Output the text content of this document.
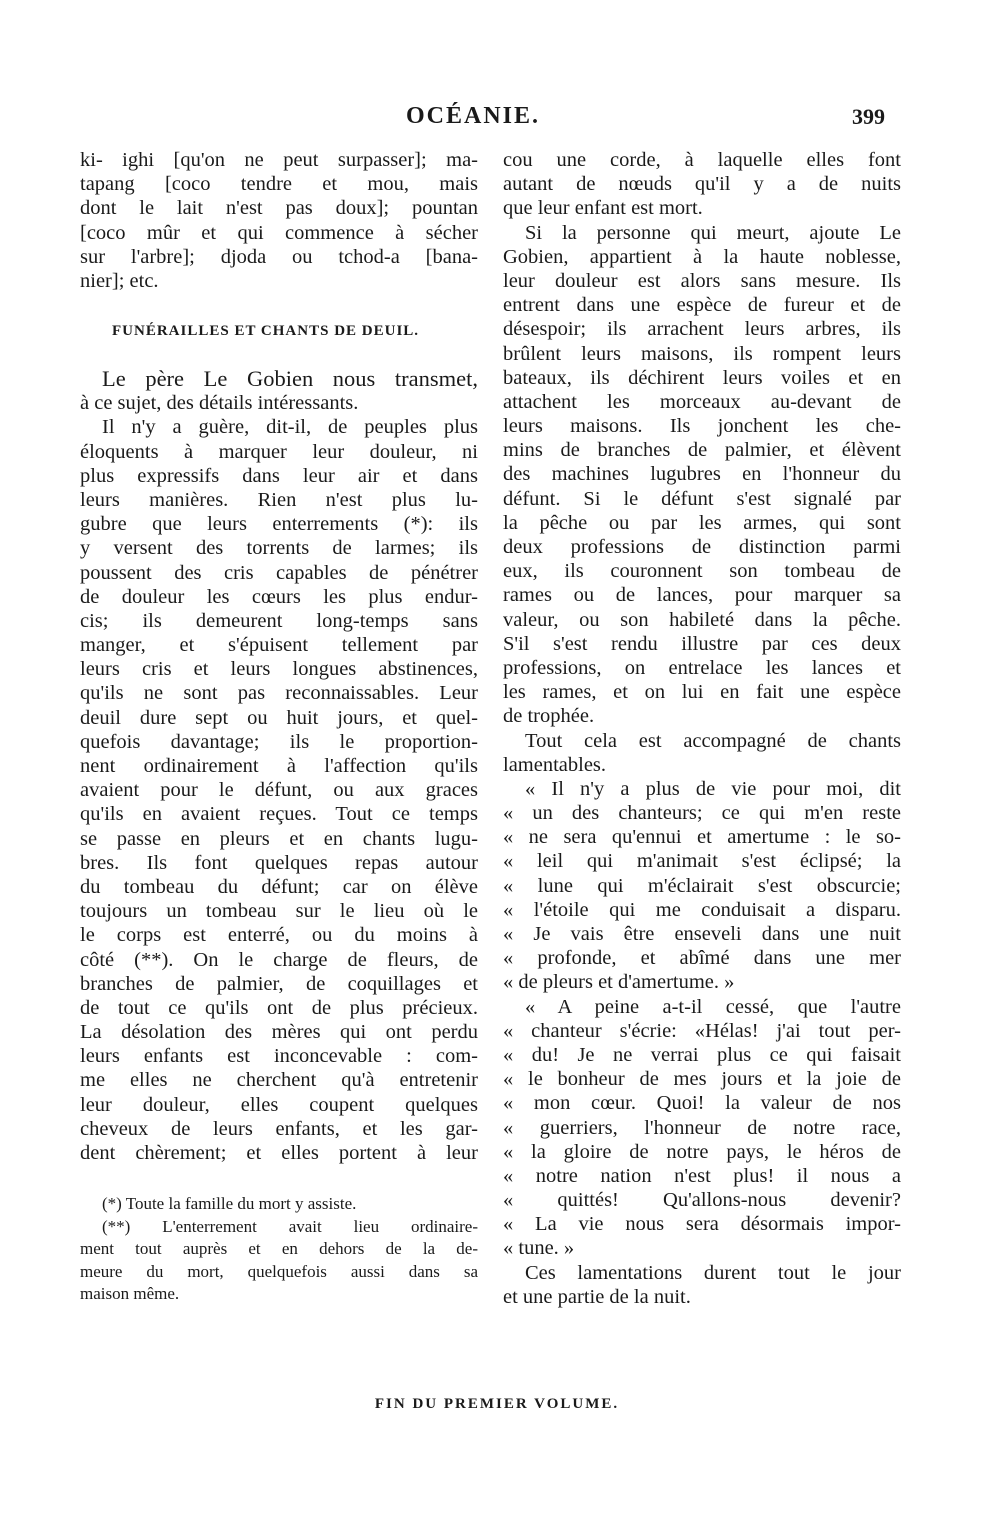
OCÉANIE.	399
ki- ighi [qu'on ne peut surpasser]; ma-
tapang [coco tendre et mou, mais
dont le lait n'est pas doux]; pountan
[coco mûr et qui commence à sécher
sur l'arbre]; djoda ou tchod-a [bana-
nier]; etc.
FUNÉRAILLES ET CHANTS DE DEUIL.
Le père Le Gobien nous transmet,
à ce sujet, des détails intéressants.
Il n'y a guère, dit-il, de peuples plus
éloquents à marquer leur douleur, ni
plus expressifs dans leur air et dans
leurs manières. Rien n'est plus lu-
gubre que leurs enterrements (*): ils
y versent des torrents de larmes; ils
poussent des cris capables de pénétrer
de douleur les cœurs les plus endur-
cis; ils demeurent long-temps sans
manger, et s'épuisent tellement par
leurs cris et leurs longues abstinences,
qu'ils ne sont pas reconnaissables. Leur
deuil dure sept ou huit jours, et quel-
quefois davantage; ils le proportion-
nent ordinairement à l'affection qu'ils
avaient pour le défunt, ou aux graces
qu'ils en avaient reçues. Tout ce temps
se passe en pleurs et en chants lugu-
bres. Ils font quelques repas autour
du tombeau du défunt; car on élève
toujours un tombeau sur le lieu où le
le corps est enterré, ou du moins à
côté (**). On le charge de fleurs, de
branches de palmier, de coquillages et
de tout ce qu'ils ont de plus précieux.
La désolation des mères qui ont perdu
leurs enfants est inconcevable : com-
me elles ne cherchent qu'à entretenir
leur douleur, elles coupent quelques
cheveux de leurs enfants, et les gar-
dent chèrement; et elles portent à leur
(*) Toute la famille du mort y assiste.
(**) L'enterrement avait lieu ordinaire-
ment tout auprès et en dehors de la de-
meure du mort, quelquefois aussi dans sa
maison même.
cou une corde, à laquelle elles font
autant de nœuds qu'il y a de nuits
que leur enfant est mort.
Si la personne qui meurt, ajoute Le
Gobien, appartient à la haute noblesse,
leur douleur est alors sans mesure. Ils
entrent dans une espèce de fureur et de
désespoir; ils arrachent leurs arbres, ils
brûlent leurs maisons, ils rompent leurs
bateaux, ils déchirent leurs voiles et en
attachent les morceaux au-devant de
leurs maisons. Ils jonchent les che-
mins de branches de palmier, et élèvent
des machines lugubres en l'honneur du
défunt. Si le défunt s'est signalé par
la pêche ou par les armes, qui sont
deux professions de distinction parmi
eux, ils couronnent son tombeau de
rames ou de lances, pour marquer sa
valeur, ou son habileté dans la pêche.
S'il s'est rendu illustre par ces deux
professions, on entrelace les lances et
les rames, et on lui en fait une espèce
de trophée.
Tout cela est accompagné de chants
lamentables.
« Il n'y a plus de vie pour moi, dit
« un des chanteurs; ce qui m'en reste
« ne sera qu'ennui et amertume : le so-
« leil qui m'animait s'est éclipsé; la
« lune qui m'éclairait s'est obscurcie;
« l'étoile qui me conduisait a disparu.
« Je vais être enseveli dans une nuit
« profonde, et abîmé dans une mer
« de pleurs et d'amertume. »
« A peine a-t-il cessé, que l'autre
« chanteur s'écrie: «Hélas! j'ai tout per-
« du! Je ne verrai plus ce qui faisait
« le bonheur de mes jours et la joie de
« mon cœur. Quoi! la valeur de nos
« guerriers, l'honneur de notre race,
« la gloire de notre pays, le héros de
« notre nation n'est plus! il nous a
« quittés! Qu'allons-nous devenir?
« La vie nous sera désormais impor-
« tune. »
Ces lamentations durent tout le jour
et une partie de la nuit.
FIN DU PREMIER VOLUME.
